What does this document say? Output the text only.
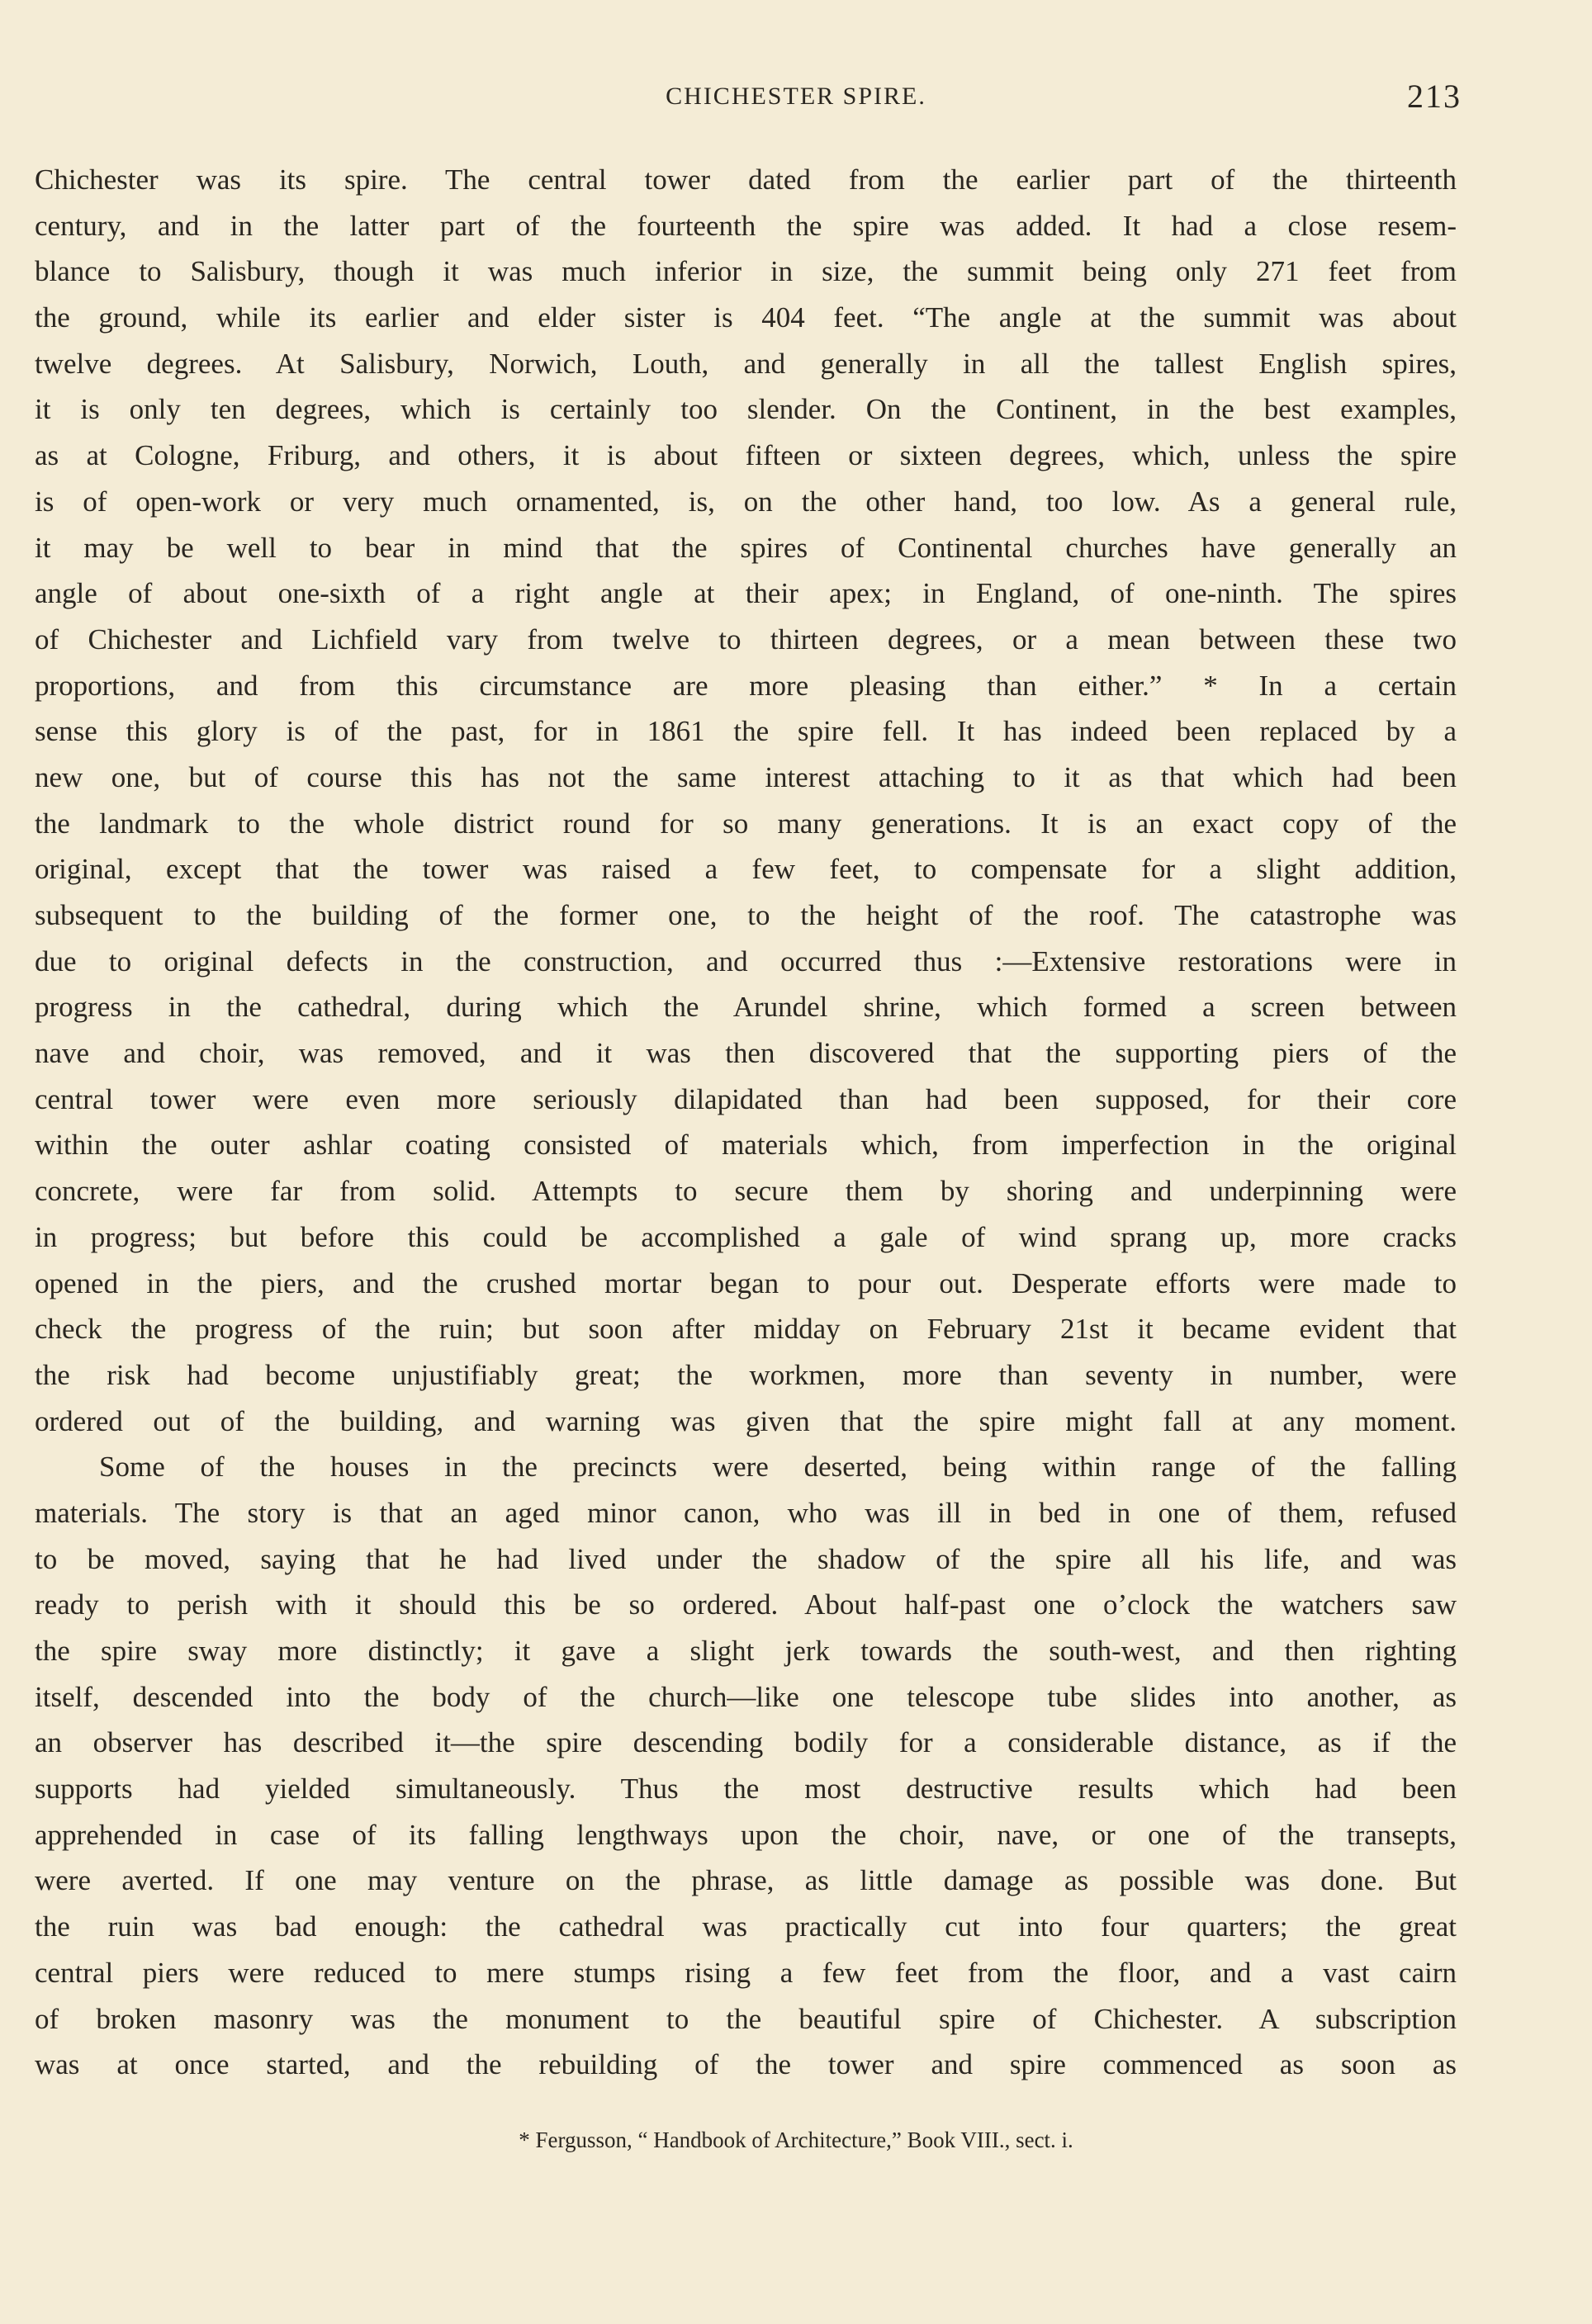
CHICHESTER SPIRE.	213
Chichester was its spire. The central tower dated from the earlier part of the thirteenth
century, and in the latter part of the fourteenth the spire was added. It had a close resem-
blance to Salisbury, though it was much inferior in size, the summit being only 271 feet from
the ground, while its earlier and elder sister is 404 feet. “The angle at the summit was about
twelve degrees. At Salisbury, Norwich, Louth, and generally in all the tallest English spires,
it is only ten degrees, which is certainly too slender. On the Continent, in the best examples,
as at Cologne, Friburg, and others, it is about fifteen or sixteen degrees, which, unless the spire
is of open-work or very much ornamented, is, on the other hand, too low. As a general rule,
it may be well to bear in mind that the spires of Continental churches have generally an
angle of about one-sixth of a right angle at their apex; in England, of one-ninth. The spires
of Chichester and Lichfield vary from twelve to thirteen degrees, or a mean between these two
proportions, and from this circumstance are more pleasing than either.” * In a certain
sense this glory is of the past, for in 1861 the spire fell. It has indeed been replaced by a
new one, but of course this has not the same interest attaching to it as that which had been
the landmark to the whole district round for so many generations. It is an exact copy of the
original, except that the tower was raised a few feet, to compensate for a slight addition,
subsequent to the building of the former one, to the height of the roof. The catastrophe was
due to original defects in the construction, and occurred thus :—Extensive restorations were in
progress in the cathedral, during which the Arundel shrine, which formed a screen between
nave and choir, was removed, and it was then discovered that the supporting piers of the
central tower were even more seriously dilapidated than had been supposed, for their core
within the outer ashlar coating consisted of materials which, from imperfection in the original
concrete, were far from solid. Attempts to secure them by shoring and underpinning were
in progress; but before this could be accomplished a gale of wind sprang up, more cracks
opened in the piers, and the crushed mortar began to pour out. Desperate efforts were made to
check the progress of the ruin; but soon after midday on February 21st it became evident that
the risk had become unjustifiably great; the workmen, more than seventy in number, were
ordered out of the building, and warning was given that the spire might fall at any moment.
Some of the houses in the precincts were deserted, being within range of the falling
materials. The story is that an aged minor canon, who was ill in bed in one of them, refused
to be moved, saying that he had lived under the shadow of the spire all his life, and was
ready to perish with it should this be so ordered. About half-past one o’clock the watchers saw
the spire sway more distinctly; it gave a slight jerk towards the south-west, and then righting
itself, descended into the body of the church—like one telescope tube slides into another, as
an observer has described it—the spire descending bodily for a considerable distance, as if the
supports had yielded simultaneously. Thus the most destructive results which had been
apprehended in case of its falling lengthways upon the choir, nave, or one of the transepts,
were averted. If one may venture on the phrase, as little damage as possible was done. But
the ruin was bad enough: the cathedral was practically cut into four quarters; the great
central piers were reduced to mere stumps rising a few feet from the floor, and a vast cairn
of broken masonry was the monument to the beautiful spire of Chichester. A subscription
was at once started, and the rebuilding of the tower and spire commenced as soon as
* Fergusson, “ Handbook of Architecture,” Book VIII., sect. i.
